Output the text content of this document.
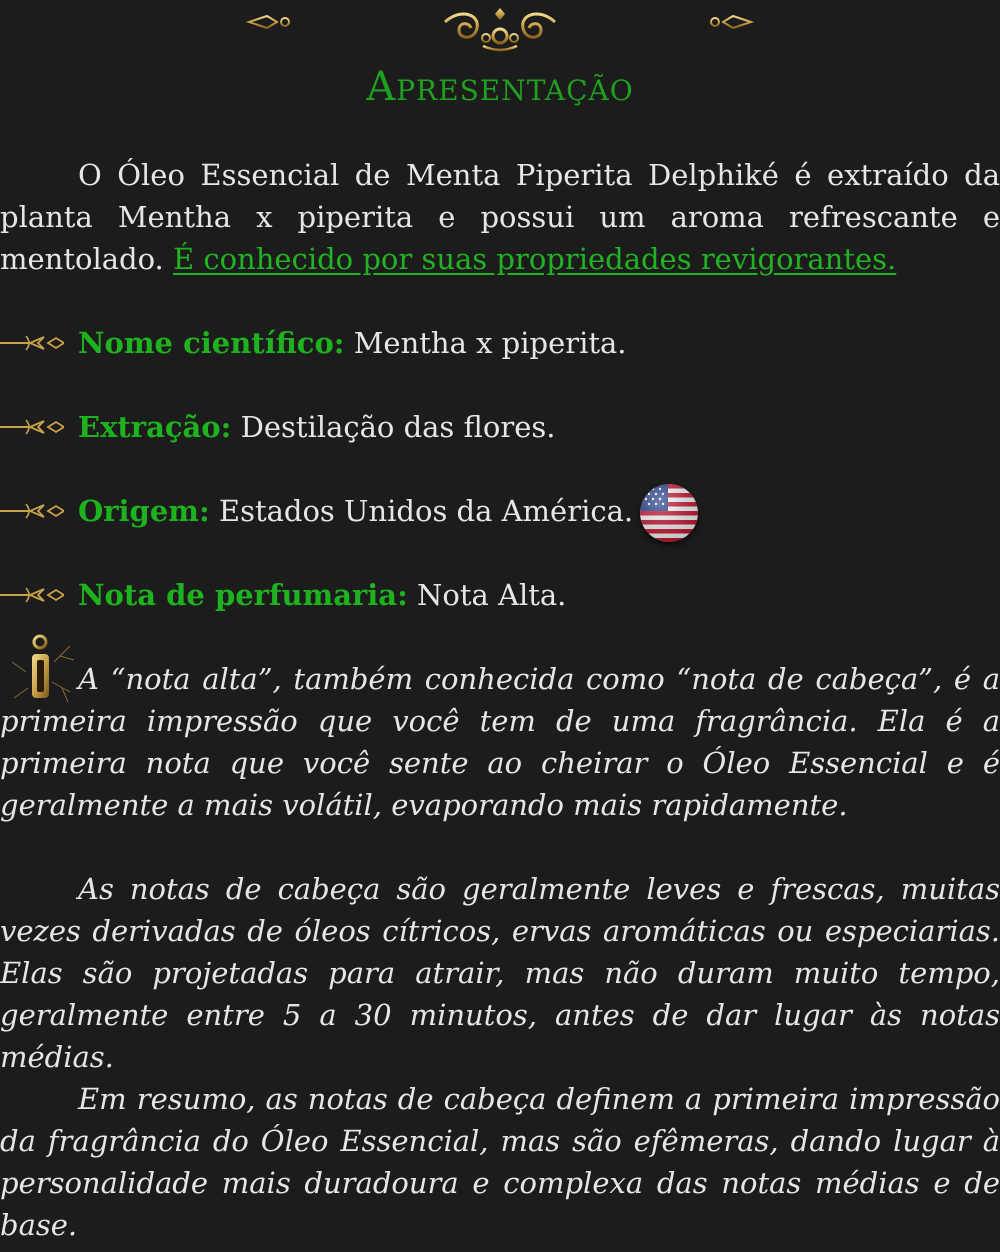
Apresentação

O Óleo Essencial de Menta Piperita Delphiké é extraído da planta Mentha x piperita e possui um aroma refrescante e mentolado. É conhecido por suas propriedades revigorantes.

Nome científico: Mentha x piperita.
Extração: Destilação das flores.
Origem: Estados Unidos da América.
Nota de perfumaria: Nota Alta.

A “nota alta”, também conhecida como “nota de cabeça”, é a primeira impressão que você tem de uma fragrância. Ela é a primeira nota que você sente ao cheirar o Óleo Essencial e é geralmente a mais volátil, evaporando mais rapidamente.

As notas de cabeça são geralmente leves e frescas, muitas vezes derivadas de óleos cítricos, ervas aromáticas ou especiarias. Elas são projetadas para atrair, mas não duram muito tempo, geralmente entre 5 a 30 minutos, antes de dar lugar às notas médias.

Em resumo, as notas de cabeça definem a primeira impressão da fragrância do Óleo Essencial, mas são efêmeras, dando lugar à personalidade mais duradoura e complexa das notas médias e de base.
